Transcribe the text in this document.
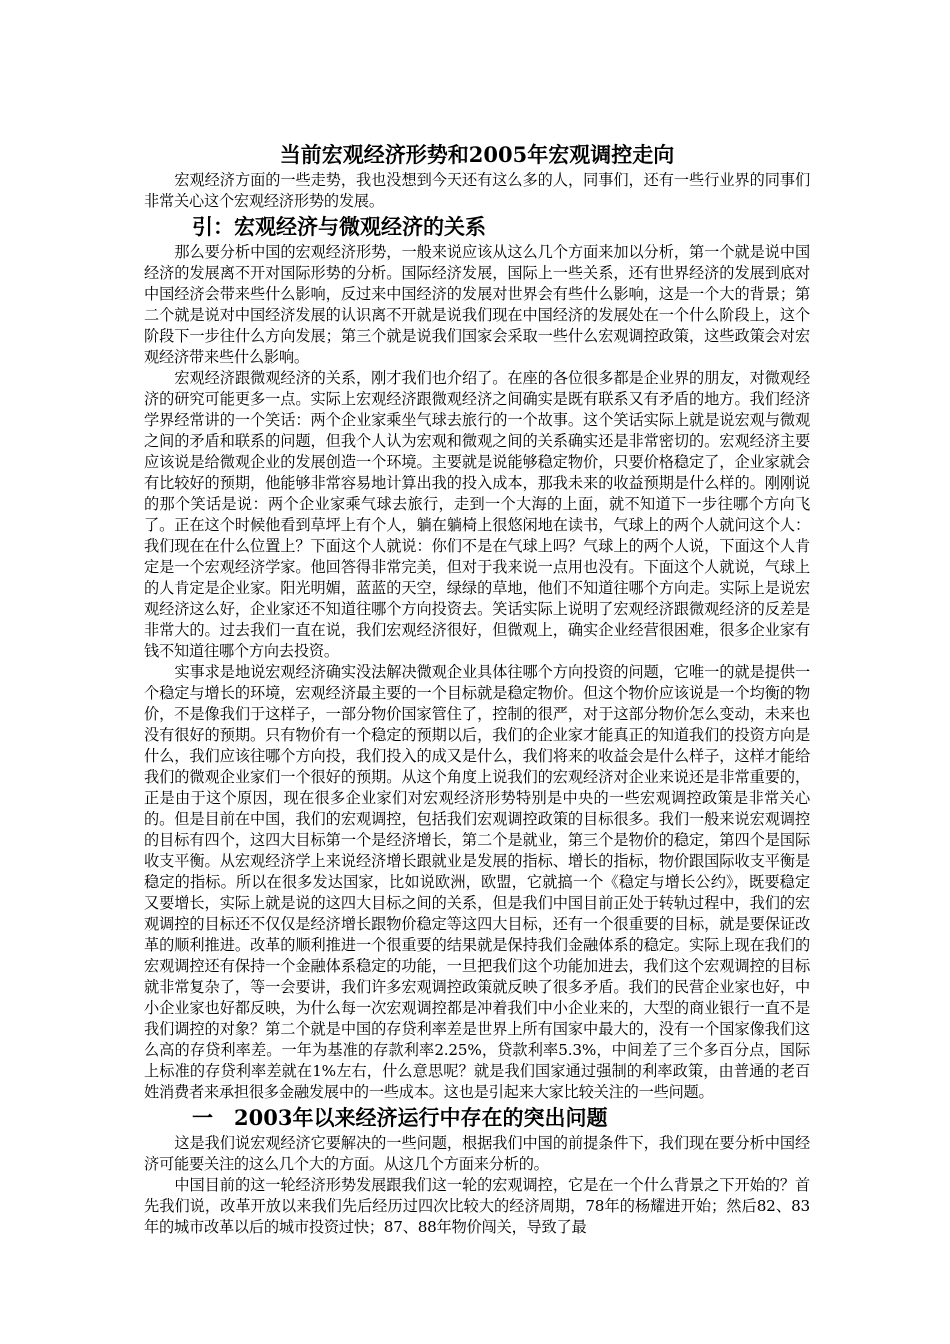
当前宏观经济形势和2005年宏观调控走向

宏观经济方面的一些走势，我也没想到今天还有这么多的人，同事们，还有一些行业界的同事们非常关心这个宏观经济形势的发展。

引：宏观经济与微观经济的关系

那么要分析中国的宏观经济形势，一般来说应该从这么几个方面来加以分析，第一个就是说中国经济的发展离不开对国际形势的分析。国际经济发展，国际上一些关系，还有世界经济的发展到底对中国经济会带来些什么影响，反过来中国经济的发展对世界会有些什么影响，这是一个大的背景；第二个就是说对中国经济发展的认识离不开就是说我们现在中国经济的发展处在一个什么阶段上，这个阶段下一步往什么方向发展；第三个就是说我们国家会采取一些什么宏观调控政策，这些政策会对宏观经济带来些什么影响。

宏观经济跟微观经济的关系，刚才我们也介绍了。在座的各位很多都是企业界的朋友，对微观经济的研究可能更多一点。实际上宏观经济跟微观经济之间确实是既有联系又有矛盾的地方。我们经济学界经常讲的一个笑话：两个企业家乘坐气球去旅行的一个故事。这个笑话实际上就是说宏观与微观之间的矛盾和联系的问题，但我个人认为宏观和微观之间的关系确实还是非常密切的。宏观经济主要应该说是给微观企业的发展创造一个环境。主要就是说能够稳定物价，只要价格稳定了，企业家就会有比较好的预期，他能够非常容易地计算出我的投入成本，那我未来的收益预期是什么样的。刚刚说的那个笑话是说：两个企业家乘气球去旅行，走到一个大海的上面，就不知道下一步往哪个方向飞了。正在这个时候他看到草坪上有个人，躺在躺椅上很悠闲地在读书，气球上的两个人就问这个人：我们现在在什么位置上？下面这个人就说：你们不是在气球上吗？气球上的两个人说，下面这个人肯定是一个宏观经济学家。他回答得非常完美，但对于我来说一点用也没有。下面这个人就说，气球上的人肯定是企业家。阳光明媚，蓝蓝的天空，绿绿的草地，他们不知道往哪个方向走。实际上是说宏观经济这么好，企业家还不知道往哪个方向投资去。笑话实际上说明了宏观经济跟微观经济的反差是非常大的。过去我们一直在说，我们宏观经济很好，但微观上，确实企业经营很困难，很多企业家有钱不知道往哪个方向去投资。

实事求是地说宏观经济确实没法解决微观企业具体往哪个方向投资的问题，它唯一的就是提供一个稳定与增长的环境，宏观经济最主要的一个目标就是稳定物价。但这个物价应该说是一个均衡的物价，不是像我们于这样子，一部分物价国家管住了，控制的很严，对于这部分物价怎么变动，未来也没有很好的预期。只有物价有一个稳定的预期以后，我们的企业家才能真正的知道我们的投资方向是什么，我们应该往哪个方向投，我们投入的成又是什么，我们将来的收益会是什么样子，这样才能给我们的微观企业家们一个很好的预期。从这个角度上说我们的宏观经济对企业来说还是非常重要的，正是由于这个原因，现在很多企业家们对宏观经济形势特别是中央的一些宏观调控政策是非常关心的。但是目前在中国，我们的宏观调控，包括我们宏观调控政策的目标很多。我们一般来说宏观调控的目标有四个，这四大目标第一个是经济增长，第二个是就业，第三个是物价的稳定，第四个是国际收支平衡。从宏观经济学上来说经济增长跟就业是发展的指标、增长的指标，物价跟国际收支平衡是稳定的指标。所以在很多发达国家，比如说欧洲，欧盟，它就搞一个《稳定与增长公约》，既要稳定又要增长，实际上就是说的这四大目标之间的关系，但是我们中国目前正处于转轨过程中，我们的宏观调控的目标还不仅仅是经济增长跟物价稳定等这四大目标，还有一个很重要的目标，就是要保证改革的顺利推进。改革的顺利推进一个很重要的结果就是保持我们金融体系的稳定。实际上现在我们的宏观调控还有保持一个金融体系稳定的功能，一旦把我们这个功能加进去，我们这个宏观调控的目标就非常复杂了，等一会要讲，我们许多宏观调控政策就反映了很多矛盾。我们的民营企业家也好，中小企业家也好都反映，为什么每一次宏观调控都是冲着我们中小企业来的，大型的商业银行一直不是我们调控的对象？第二个就是中国的存贷利率差是世界上所有国家中最大的，没有一个国家像我们这么高的存贷利率差。一年为基准的存款利率2.25%，贷款利率5.3%，中间差了三个多百分点，国际上标准的存贷利率差就在1%左右，什么意思呢？就是我们国家通过强制的利率政策，由普通的老百姓消费者来承担很多金融发展中的一些成本。这也是引起来大家比较关注的一些问题。

一　2003年以来经济运行中存在的突出问题

这是我们说宏观经济它要解决的一些问题，根据我们中国的前提条件下，我们现在要分析中国经济可能要关注的这么几个大的方面。从这几个方面来分析的。

中国目前的这一轮经济形势发展跟我们这一轮的宏观调控，它是在一个什么背景之下开始的？首先我们说，改革开放以来我们先后经历过四次比较大的经济周期，78年的杨耀进开始；然后82、83年的城市改革以后的城市投资过快；87、88年物价闯关，导致了最
